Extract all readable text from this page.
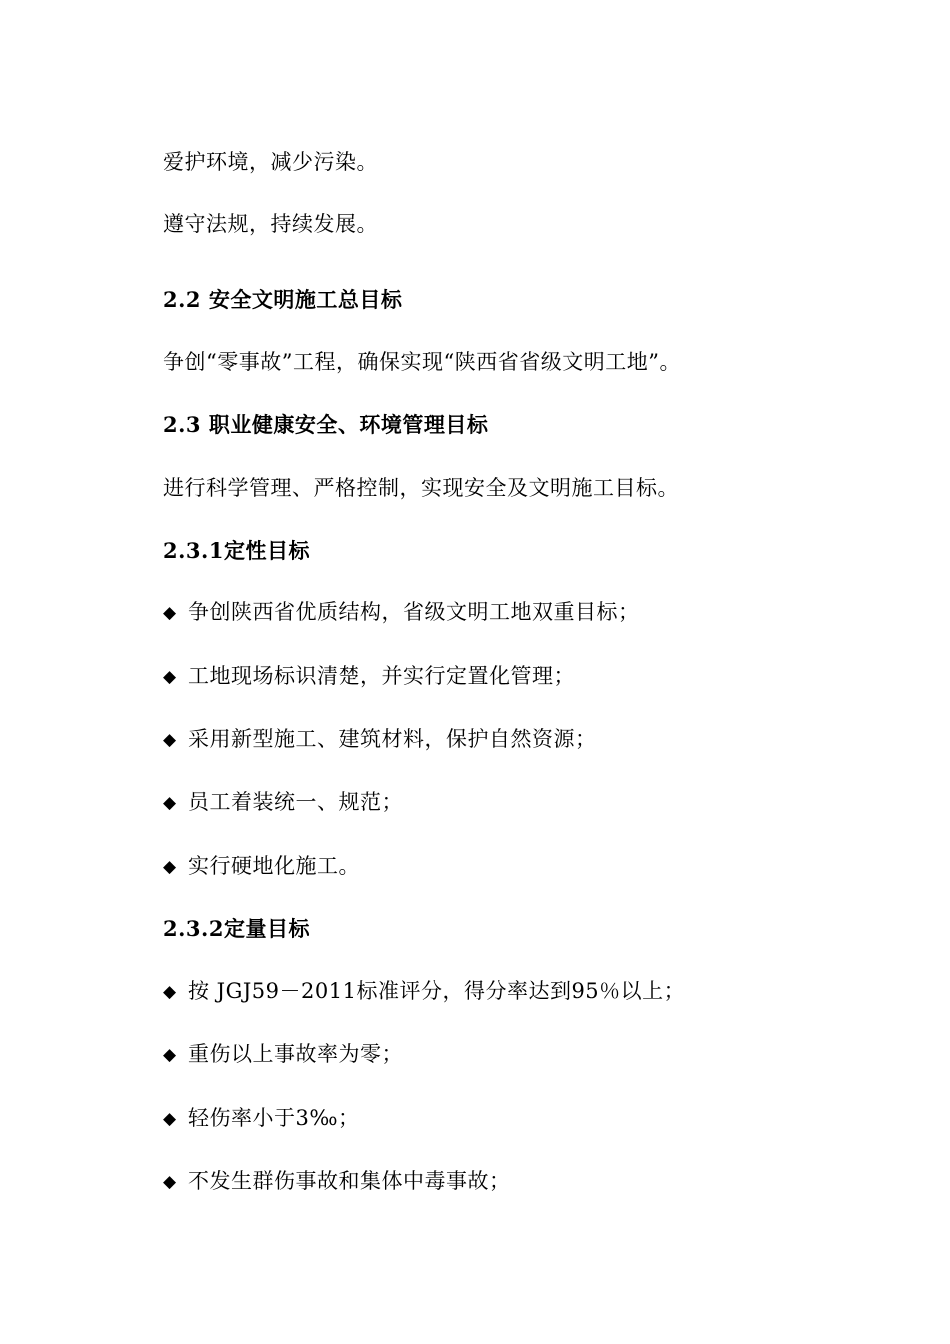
爱护环境，减少污染。
遵守法规，持续发展。
2.2 安全文明施工总目标
争创“零事故”工程，确保实现“陕西省省级文明工地”。
2.3 职业健康安全、环境管理目标
进行科学管理、严格控制，实现安全及文明施工目标。
2.3.1定性目标
◆ 争创陕西省优质结构，省级文明工地双重目标；
◆ 工地现场标识清楚，并实行定置化管理；
◆ 采用新型施工、建筑材料，保护自然资源；
◆ 员工着装统一、规范；
◆ 实行硬地化施工。
2.3.2定量目标
◆ 按 JGJ59－2011标准评分，得分率达到95％以上；
◆ 重伤以上事故率为零；
◆ 轻伤率小于3‰；
◆ 不发生群伤事故和集体中毒事故；
